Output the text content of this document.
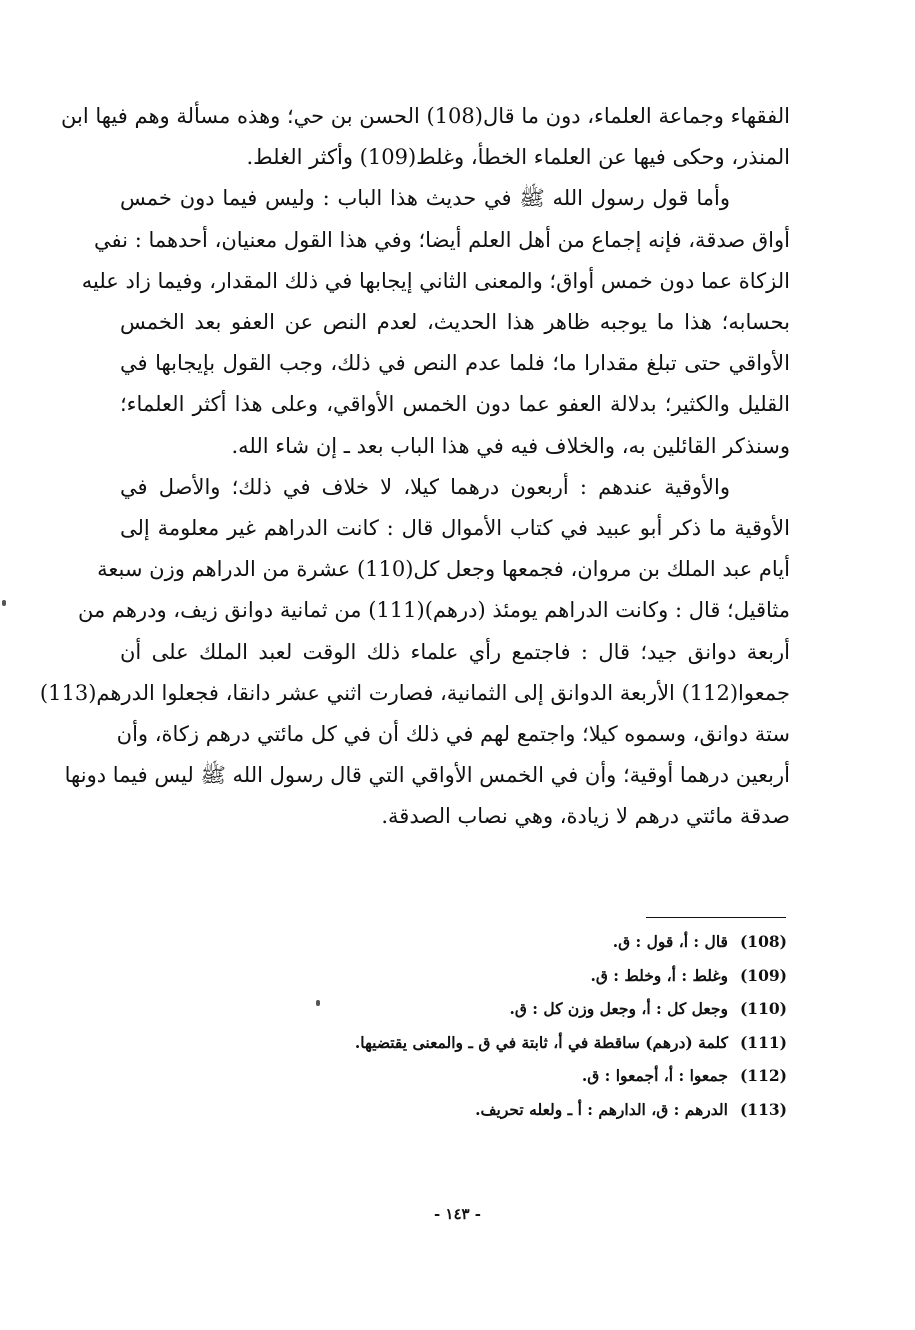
الفقهاء وجماعة العلماء، دون ما قال(108) الحسن بن حي؛ وهذه مسألة وهم فيها ابن
المنذر، وحكى فيها عن العلماء الخطأ، وغلط(109) وأكثر الغلط.

وأما قول رسول الله ﷺ في حديث هذا الباب : وليس فيما دون خمس
أواق صدقة، فإنه إجماع من أهل العلم أيضا؛ وفي هذا القول معنيان، أحدهما : نفي
الزكاة عما دون خمس أواق؛ والمعنى الثاني إيجابها في ذلك المقدار، وفيما زاد عليه
بحسابه؛ هذا ما يوجبه ظاهر هذا الحديث، لعدم النص عن العفو بعد الخمس
الأواقي حتى تبلغ مقدارا ما؛ فلما عدم النص في ذلك، وجب القول بإيجابها في
القليل والكثير؛ بدلالة العفو عما دون الخمس الأواقي، وعلى هذا أكثر العلماء؛
وسنذكر القائلين به، والخلاف فيه في هذا الباب بعد ـ إن شاء الله.

والأوقية عندهم : أربعون درهما كيلا، لا خلاف في ذلك؛ والأصل في
الأوقية ما ذكر أبو عبيد في كتاب الأموال قال : كانت الدراهم غير معلومة إلى
أيام عبد الملك بن مروان، فجمعها وجعل كل(110) عشرة من الدراهم وزن سبعة
مثاقيل؛ قال : وكانت الدراهم يومئذ (درهم)(111) من ثمانية دوانق زيف، ودرهم من
أربعة دوانق جيد؛ قال : فاجتمع رأي علماء ذلك الوقت لعبد الملك على أن
جمعوا(112) الأربعة الدوانق إلى الثمانية، فصارت اثني عشر دانقا، فجعلوا الدرهم(113)
ستة دوانق، وسموه كيلا؛ واجتمع لهم في ذلك أن في كل مائتي درهم زكاة، وأن
أربعين درهما أوقية؛ وأن في الخمس الأواقي التي قال رسول الله ﷺ ليس فيما دونها
صدقة مائتي درهم لا زيادة، وهي نصاب الصدقة.

(108)قال : أ، قول : ق.
(109)وغلط : أ، وخلط : ق.
(110)وجعل كل : أ، وجعل وزن كل : ق.
(111)كلمة (درهم) ساقطة في أ، ثابتة في ق ـ والمعنى يقتضيها.
(112)جمعوا : أ، أجمعوا : ق.
(113)الدرهم : ق، الدارهم : أ ـ ولعله تحريف.
- ١٤٣ -
